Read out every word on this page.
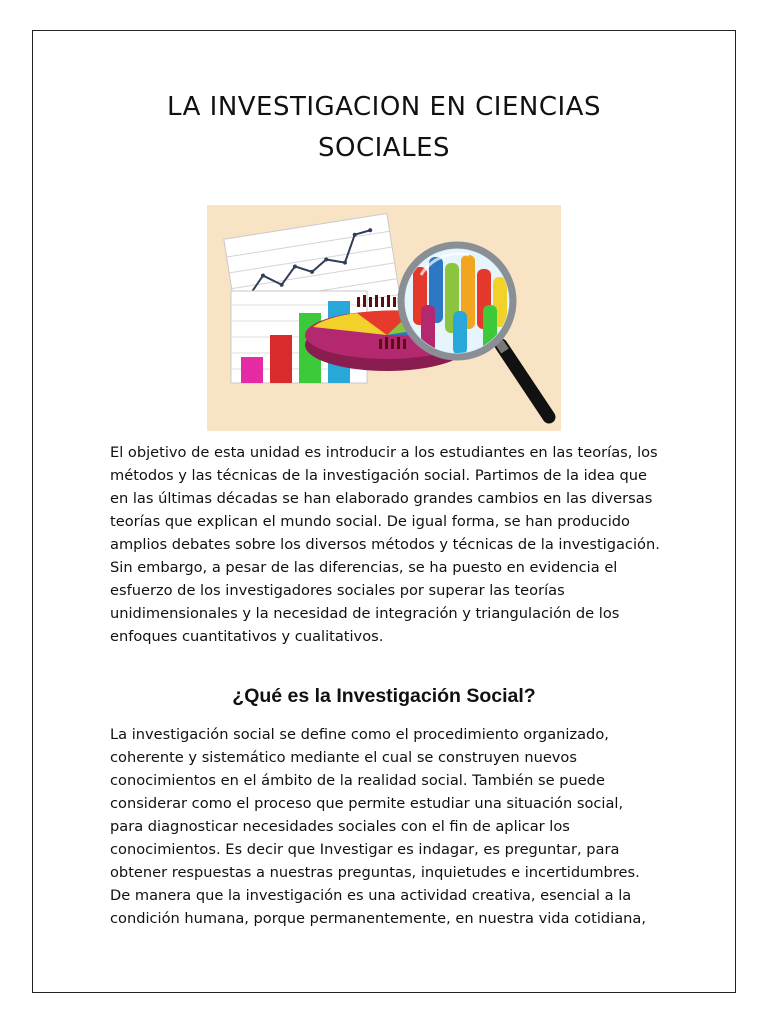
LA INVESTIGACION EN CIENCIAS
SOCIALES
El objetivo de esta unidad es introducir a los estudiantes en las teorías, los
métodos y las técnicas de la investigación social. Partimos de la idea que
en las últimas décadas se han elaborado grandes cambios en las diversas
teorías que explican el mundo social. De igual forma, se han producido
amplios debates sobre los diversos métodos y técnicas de la investigación.
Sin embargo, a pesar de las diferencias, se ha puesto en evidencia el
esfuerzo de los investigadores sociales por superar las teorías
unidimensionales y la necesidad de integración y triangulación de los
enfoques cuantitativos y cualitativos.
¿Qué es la Investigación Social?
La investigación social se define como el procedimiento organizado,
coherente y sistemático mediante el cual se construyen nuevos
conocimientos en el ámbito de la realidad social. También se puede
considerar como el proceso que permite estudiar una situación social,
para diagnosticar necesidades sociales con el fin de aplicar los
conocimientos. Es decir que Investigar es indagar, es preguntar, para
obtener respuestas a nuestras preguntas, inquietudes e incertidumbres.
De manera que la investigación es una actividad creativa, esencial a la
condición humana, porque permanentemente, en nuestra vida cotidiana,
